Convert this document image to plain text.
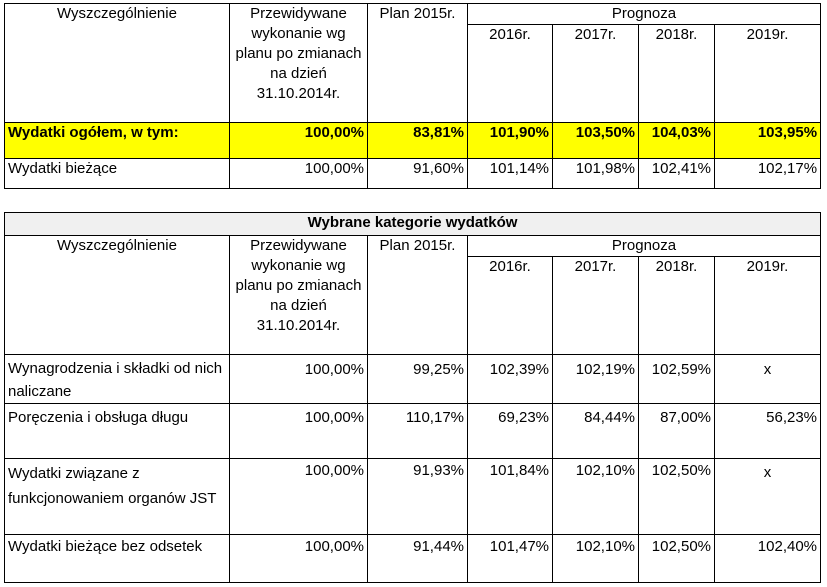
Wyszczególnienie	Przewidywane wykonanie wg planu po zmianach na dzień 31.10.2014r.	Plan 2015r.	Prognoza			
			2016r.	2017r.	2018r.	2019r.
Wydatki ogółem, w tym:	100,00%	83,81%	101,90%	103,50%	104,03%	103,95%
Wydatki bieżące	100,00%	91,60%	101,14%	101,98%	102,41%	102,17%
Wybrane kategorie wydatków						
Wyszczególnienie	Przewidywane wykonanie wg planu po zmianach na dzień 31.10.2014r.	Plan 2015r.	Prognoza			
			2016r.	2017r.	2018r.	2019r.
Wynagrodzenia i składki od nich naliczane	100,00%	99,25%	102,39%	102,19%	102,59%	x
Poręczenia i obsługa długu	100,00%	110,17%	69,23%	84,44%	87,00%	56,23%
Wydatki związane z funkcjonowaniem organów JST	100,00%	91,93%	101,84%	102,10%	102,50%	x
Wydatki bieżące bez odsetek	100,00%	91,44%	101,47%	102,10%	102,50%	102,40%
